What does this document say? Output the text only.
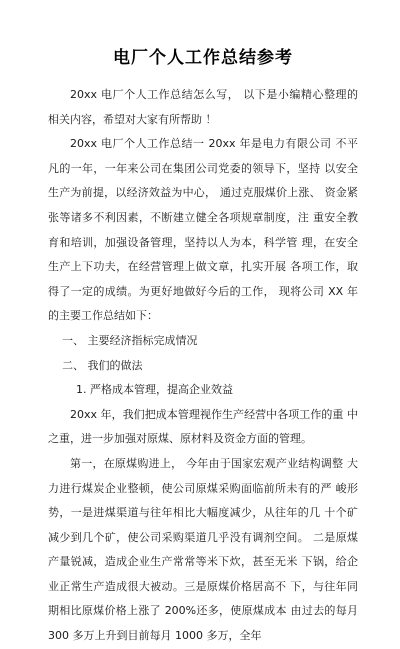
电厂个人工作总结参考

20xx 电厂个人工作总结怎么写， 以下是小编精心整理的 相关内容，希望对大家有所帮助 ！

20xx 电厂个人工作总结一 20xx 年是电力有限公司 不平凡的一年，一年来公司在集团公司党委的领导下，坚持 以安全生产为前提，以经济效益为中心， 通过克服煤价上涨、 资金紧张等诸多不利因素，不断建立健全各项规章制度，注 重安全教育和培训，加强设备管理，坚持以人为本，科学管 理，在安全生产上下功夫，在经营管理上做文章，扎实开展 各项工作，取得了一定的成绩。为更好地做好今后的工作， 现将公司 XX 年的主要工作总结如下：

一、 主要经济指标完成情况

二、 我们的做法

1. 严格成本管理，提高企业效益

20xx 年，我们把成本管理视作生产经营中各项工作的重 中之重，进一步加强对原煤、原材料及资金方面的管理。

第一，在原煤购进上， 今年由于国家宏观产业结构调整 大力进行煤炭企业整顿，使公司原煤采购面临前所未有的严 峻形势，一是进煤渠道与往年相比大幅度减少，从往年的几 十个矿减少到几个矿，使公司采购渠道几乎没有调剂空间。 二是原煤产量锐减，造成企业生产常常等米下炊，甚至无米 下锅，给企业正常生产造成很大被动。三是原煤价格居高不 下，与往年同期相比原煤价格上涨了 200%还多，使原煤成本 由过去的每月 300 多万上升到目前每月 1000 多万，全年
